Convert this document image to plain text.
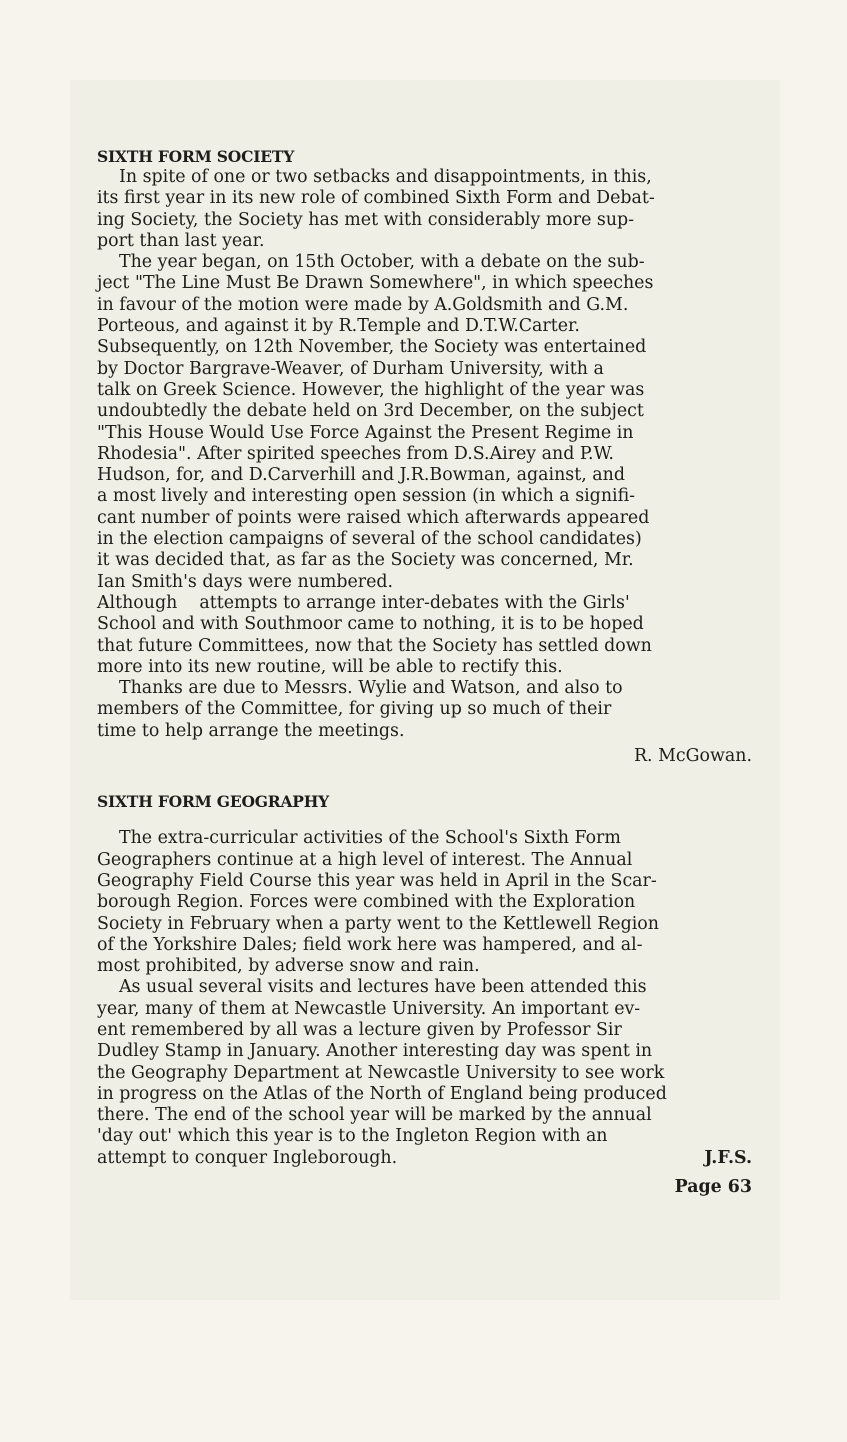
SIXTH FORM SOCIETY

In spite of one or two setbacks and disappointments, in this,
its first year in its new role of combined Sixth Form and Debat-
ing Society, the Society has met with considerably more sup-
port than last year.

The year began, on 15th October, with a debate on the sub-
ject "The Line Must Be Drawn Somewhere", in which speeches
in favour of the motion were made by A.Goldsmith and G.M.
Porteous, and against it by R.Temple and D.T.W.Carter.
Subsequently, on 12th November, the Society was entertained
by Doctor Bargrave-Weaver, of Durham University, with a
talk on Greek Science. However, the highlight of the year was
undoubtedly the debate held on 3rd December, on the subject
"This House Would Use Force Against the Present Regime in
Rhodesia". After spirited speeches from D.S.Airey and P.W.
Hudson, for, and D.Carverhill and J.R.Bowman, against, and
a most lively and interesting open session (in which a signifi-
cant number of points were raised which afterwards appeared
in the election campaigns of several of the school candidates)
it was decided that, as far as the Society was concerned, Mr.
Ian Smith's days were numbered.

Although    attempts to arrange inter-debates with the Girls'
School and with Southmoor came to nothing, it is to be hoped
that future Committees, now that the Society has settled down
more into its new routine, will be able to rectify this.

Thanks are due to Messrs. Wylie and Watson, and also to
members of the Committee, for giving up so much of their
time to help arrange the meetings.

R. McGowan.

SIXTH FORM GEOGRAPHY

The extra-curricular activities of the School's Sixth Form
Geographers continue at a high level of interest. The Annual
Geography Field Course this year was held in April in the Scar-
borough Region. Forces were combined with the Exploration
Society in February when a party went to the Kettlewell Region
of the Yorkshire Dales; field work here was hampered, and al-
most prohibited, by adverse snow and rain.

As usual several visits and lectures have been attended this
year, many of them at Newcastle University. An important ev-
ent remembered by all was a lecture given by Professor Sir
Dudley Stamp in January. Another interesting day was spent in
the Geography Department at Newcastle University to see work
in progress on the Atlas of the North of England being produced
there. The end of the school year will be marked by the annual
'day out' which this year is to the Ingleton Region with an

attempt to conquer Ingleborough.	J.F.S.
Page 63
